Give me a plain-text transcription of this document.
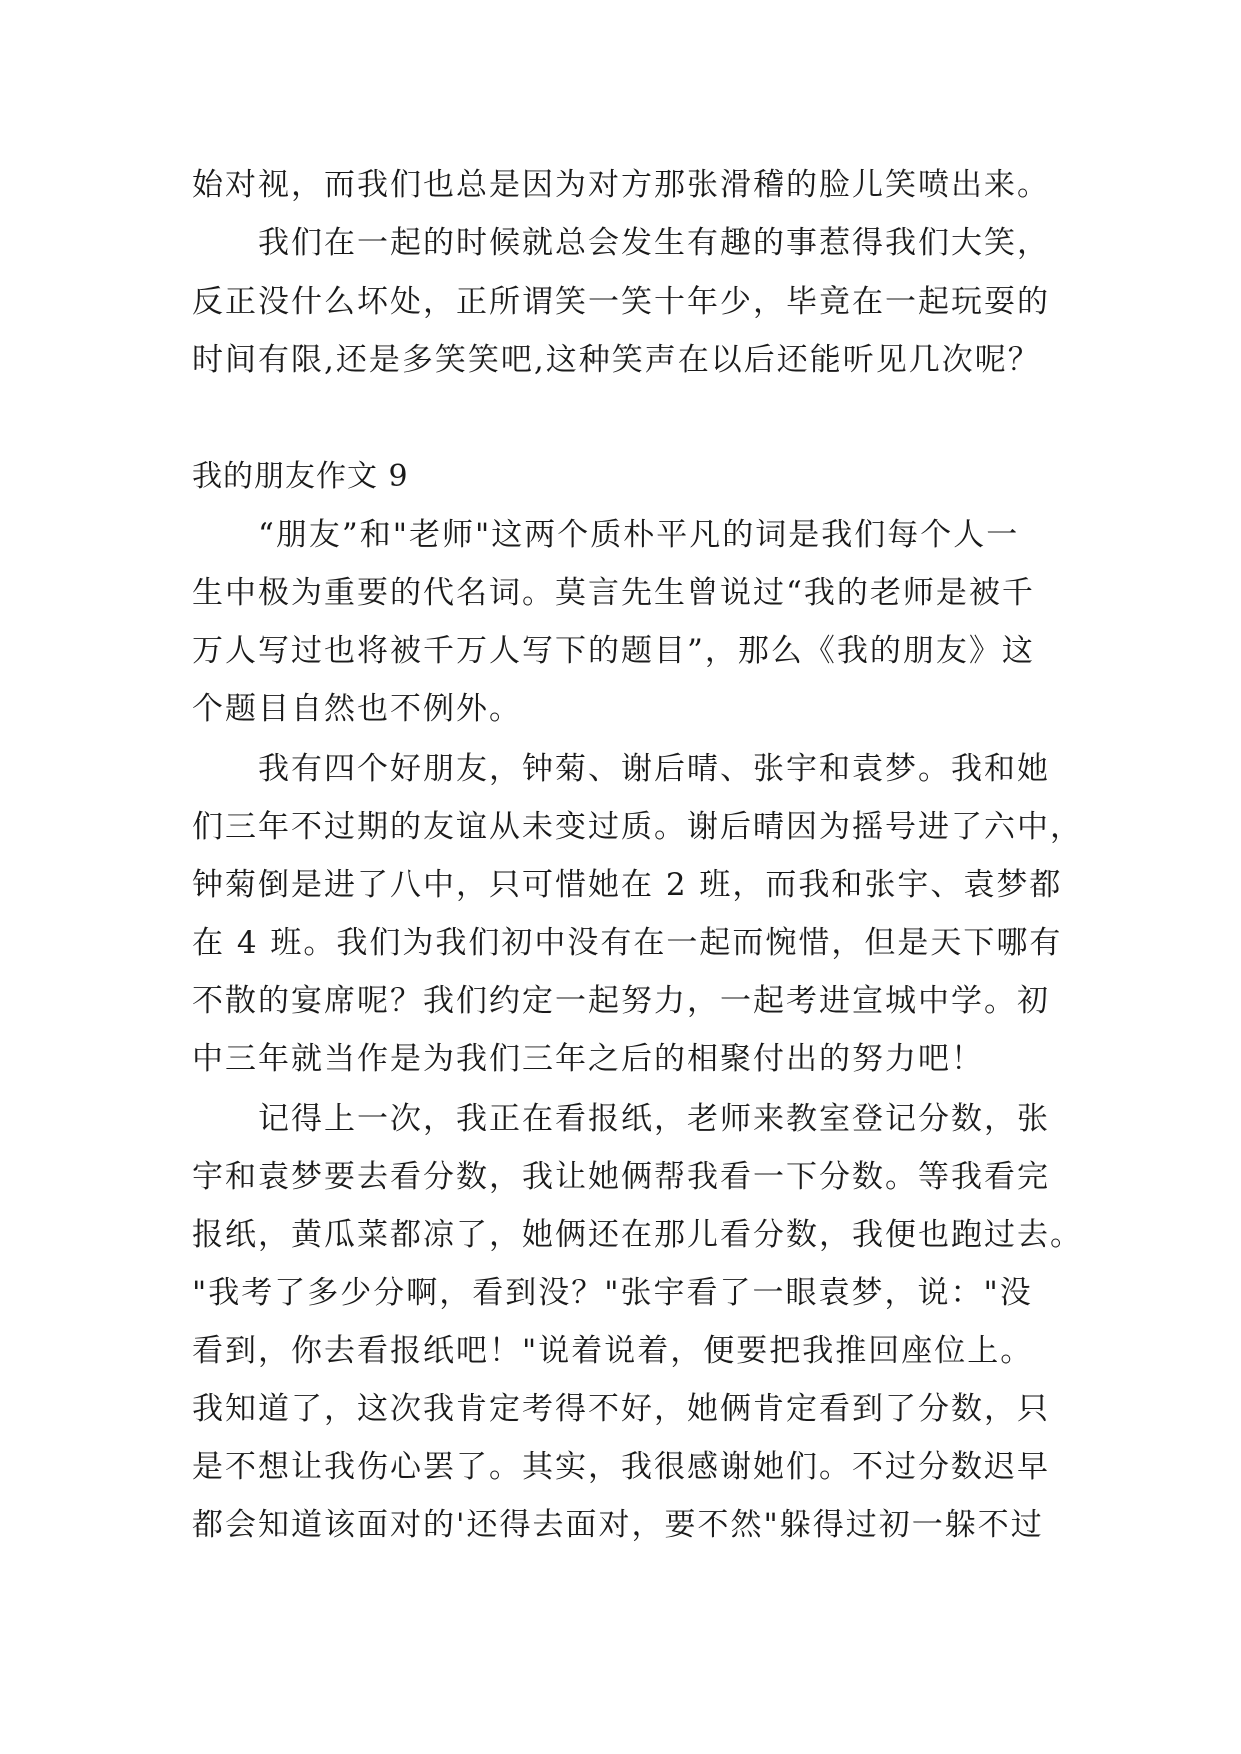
始对视，而我们也总是因为对方那张滑稽的脸儿笑喷出来。
我们在一起的时候就总会发生有趣的事惹得我们大笑，
反正没什么坏处，正所谓笑一笑十年少，毕竟在一起玩耍的
时间有限,还是多笑笑吧,这种笑声在以后还能听见几次呢？
我的朋友作文 9
“朋友”和"老师"这两个质朴平凡的词是我们每个人一
生中极为重要的代名词。莫言先生曾说过“我的老师是被千
万人写过也将被千万人写下的题目”，那么《我的朋友》这
个题目自然也不例外。
我有四个好朋友，钟菊、谢后晴、张宇和袁梦。我和她
们三年不过期的友谊从未变过质。谢后晴因为摇号进了六中，
钟菊倒是进了八中，只可惜她在 2 班，而我和张宇、袁梦都
在 4 班。我们为我们初中没有在一起而惋惜，但是天下哪有
不散的宴席呢？我们约定一起努力，一起考进宣城中学。初
中三年就当作是为我们三年之后的相聚付出的努力吧！
记得上一次，我正在看报纸，老师来教室登记分数，张
宇和袁梦要去看分数，我让她俩帮我看一下分数。等我看完
报纸，黄瓜菜都凉了，她俩还在那儿看分数，我便也跑过去。
"我考了多少分啊，看到没？"张宇看了一眼袁梦，说："没
看到，你去看报纸吧！"说着说着，便要把我推回座位上。
我知道了，这次我肯定考得不好，她俩肯定看到了分数，只
是不想让我伤心罢了。其实，我很感谢她们。不过分数迟早
都会知道该面对的'还得去面对，要不然"躲得过初一躲不过
